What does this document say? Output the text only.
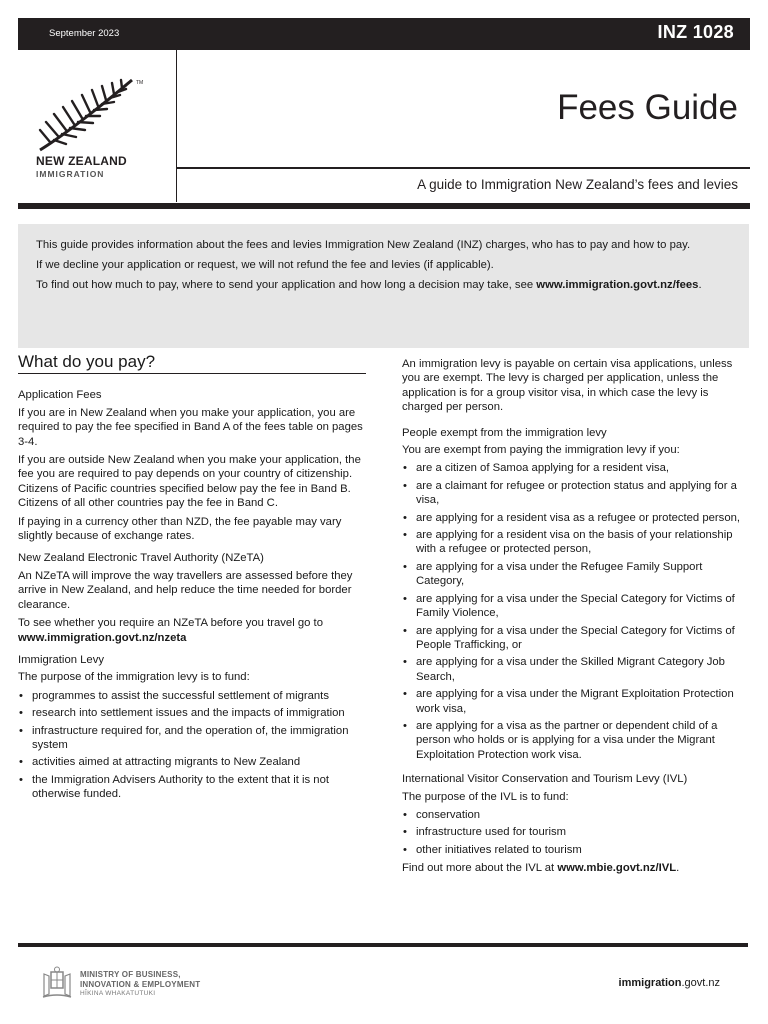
September 2023	INZ 1028
TM
NEW ZEALAND
IMMIGRATION
Fees Guide
A guide to Immigration New Zealand’s fees and levies

This guide provides information about the fees and levies Immigration New Zealand (INZ) charges, who has to pay and how to pay.

If we decline your application or request, we will not refund the fee and levies (if applicable).

To find out how much to pay, where to send your application and how long a decision may take, see www.immigration.govt.nz/fees.

What do you pay?
Application Fees

If you are in New Zealand when you make your application, you are required to pay the fee specified in Band A of the fees table on pages 3-4.

If you are outside New Zealand when you make your application, the fee you are required to pay depends on your country of citizenship. Citizens of Pacific countries specified below pay the fee in Band B. Citizens of all other countries pay the fee in Band C.

If paying in a currency other than NZD, the fee payable may vary slightly because of exchange rates.

New Zealand Electronic Travel Authority (NZeTA)

An NZeTA will improve the way travellers are assessed before they arrive in New Zealand, and help reduce the time needed for border clearance.

To see whether you require an NZeTA before you travel go to www.immigration.govt.nz/nzeta

Immigration Levy

The purpose of the immigration levy is to fund:

• programmes to assist the successful settlement of migrants
• research into settlement issues and the impacts of immigration
• infrastructure required for, and the operation of, the immigration system
• activities aimed at attracting migrants to New Zealand
• the Immigration Advisers Authority to the extent that it is not otherwise funded.

An immigration levy is payable on certain visa applications, unless you are exempt. The levy is charged per application, unless the application is for a group visitor visa, in which case the levy is charged per person.

People exempt from the immigration levy

You are exempt from paying the immigration levy if you:

• are a citizen of Samoa applying for a resident visa,
• are a claimant for refugee or protection status and applying for a visa,
• are applying for a resident visa as a refugee or protected person,
• are applying for a resident visa on the basis of your relationship with a refugee or protected person,
• are applying for a visa under the Refugee Family Support Category,
• are applying for a visa under the Special Category for Victims of Family Violence,
• are applying for a visa under the Special Category for Victims of People Trafficking, or
• are applying for a visa under the Skilled Migrant Category Job Search,
• are applying for a visa under the Migrant Exploitation Protection work visa,
• are applying for a visa as the partner or dependent child of a person who holds or is applying for a visa under the Migrant Exploitation Protection work visa.
International Visitor Conservation and Tourism Levy (IVL)

The purpose of the IVL is to fund:

• conservation
• infrastructure used for tourism
• other initiatives related to tourism

Find out more about the IVL at www.mbie.govt.nz/IVL.

MINISTRY OF BUSINESS,
INNOVATION & EMPLOYMENT
HĪKINA WHAKATUTUKI
immigration.govt.nz
